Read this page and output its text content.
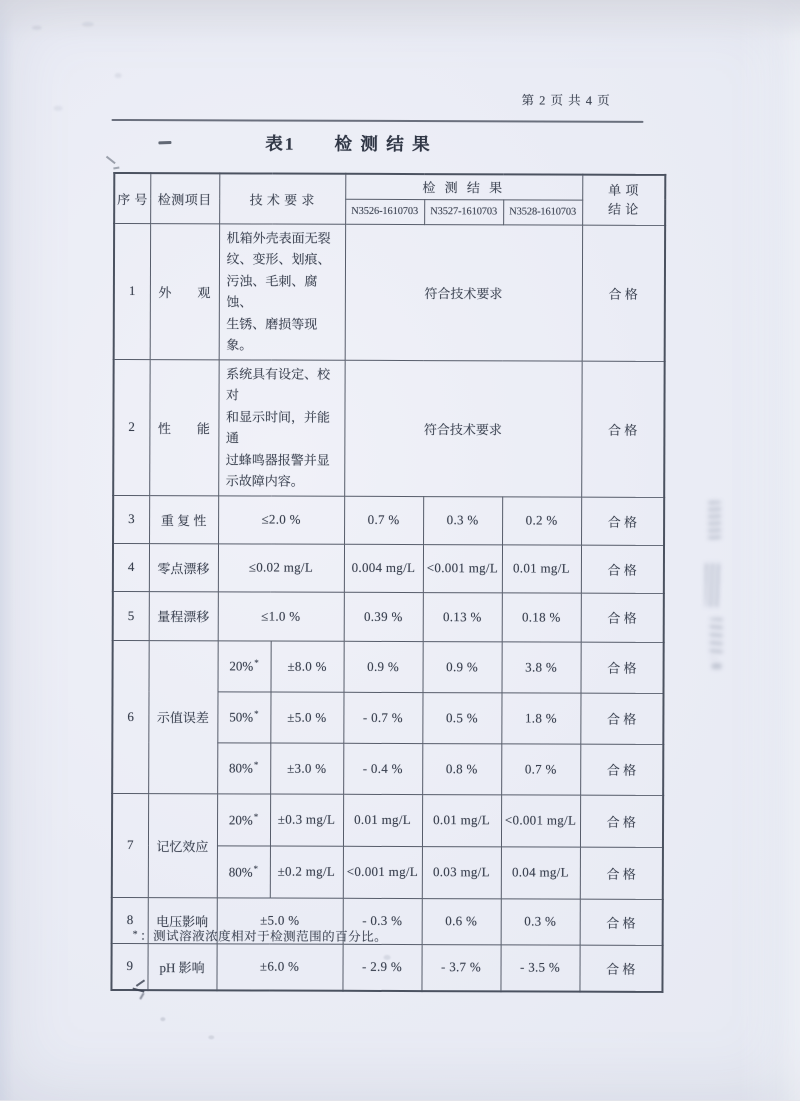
第 2 页 共 4 页
表1　　检 测 结 果
序 号	检测项目	技 术 要 求		检 测 结 果			单 项
结 论

				N3526-1610703	N3527-1610703	N3528-1610703	
1	外　　观	机箱外壳表面无裂
纹、变形、划痕、
污浊、毛刺、腐蚀、
生锈、磨损等现象。		符合技术要求			合 格
2	性　　能	系统具有设定、校对
和显示时间，并能通
过蜂鸣器报警并显
示故障内容。		符合技术要求			合 格
3	重 复 性	≤2.0 %		0.7 %	0.3 %	0.2 %	合 格
4	零点漂移	≤0.02 mg/L		0.004 mg/L	<0.001 mg/L	0.01 mg/L	合 格
5	量程漂移	≤1.0 %		0.39 %	0.13 %	0.18 %	合 格
6	示值误差	20%*	±8.0 %	0.9 %	0.9 %	3.8 %	合 格
		50%*	±5.0 %	- 0.7 %	0.5 %	1.8 %	合 格
		80%*	±3.0 %	- 0.4 %	0.8 %	0.7 %	合 格
7	记忆效应	20%*	±0.3 mg/L	0.01 mg/L	0.01 mg/L	<0.001 mg/L	合 格
		80%*	±0.2 mg/L	<0.001 mg/L	0.03 mg/L	0.04 mg/L	合 格
8	电压影响	±5.0 %		- 0.3 %	0.6 %	0.3 %	合 格
9	pH 影响	±6.0 %		- 2.9 %	- 3.7 %	- 3.5 %	合 格
* ：测试溶液浓度相对于检测范围的百分比。
